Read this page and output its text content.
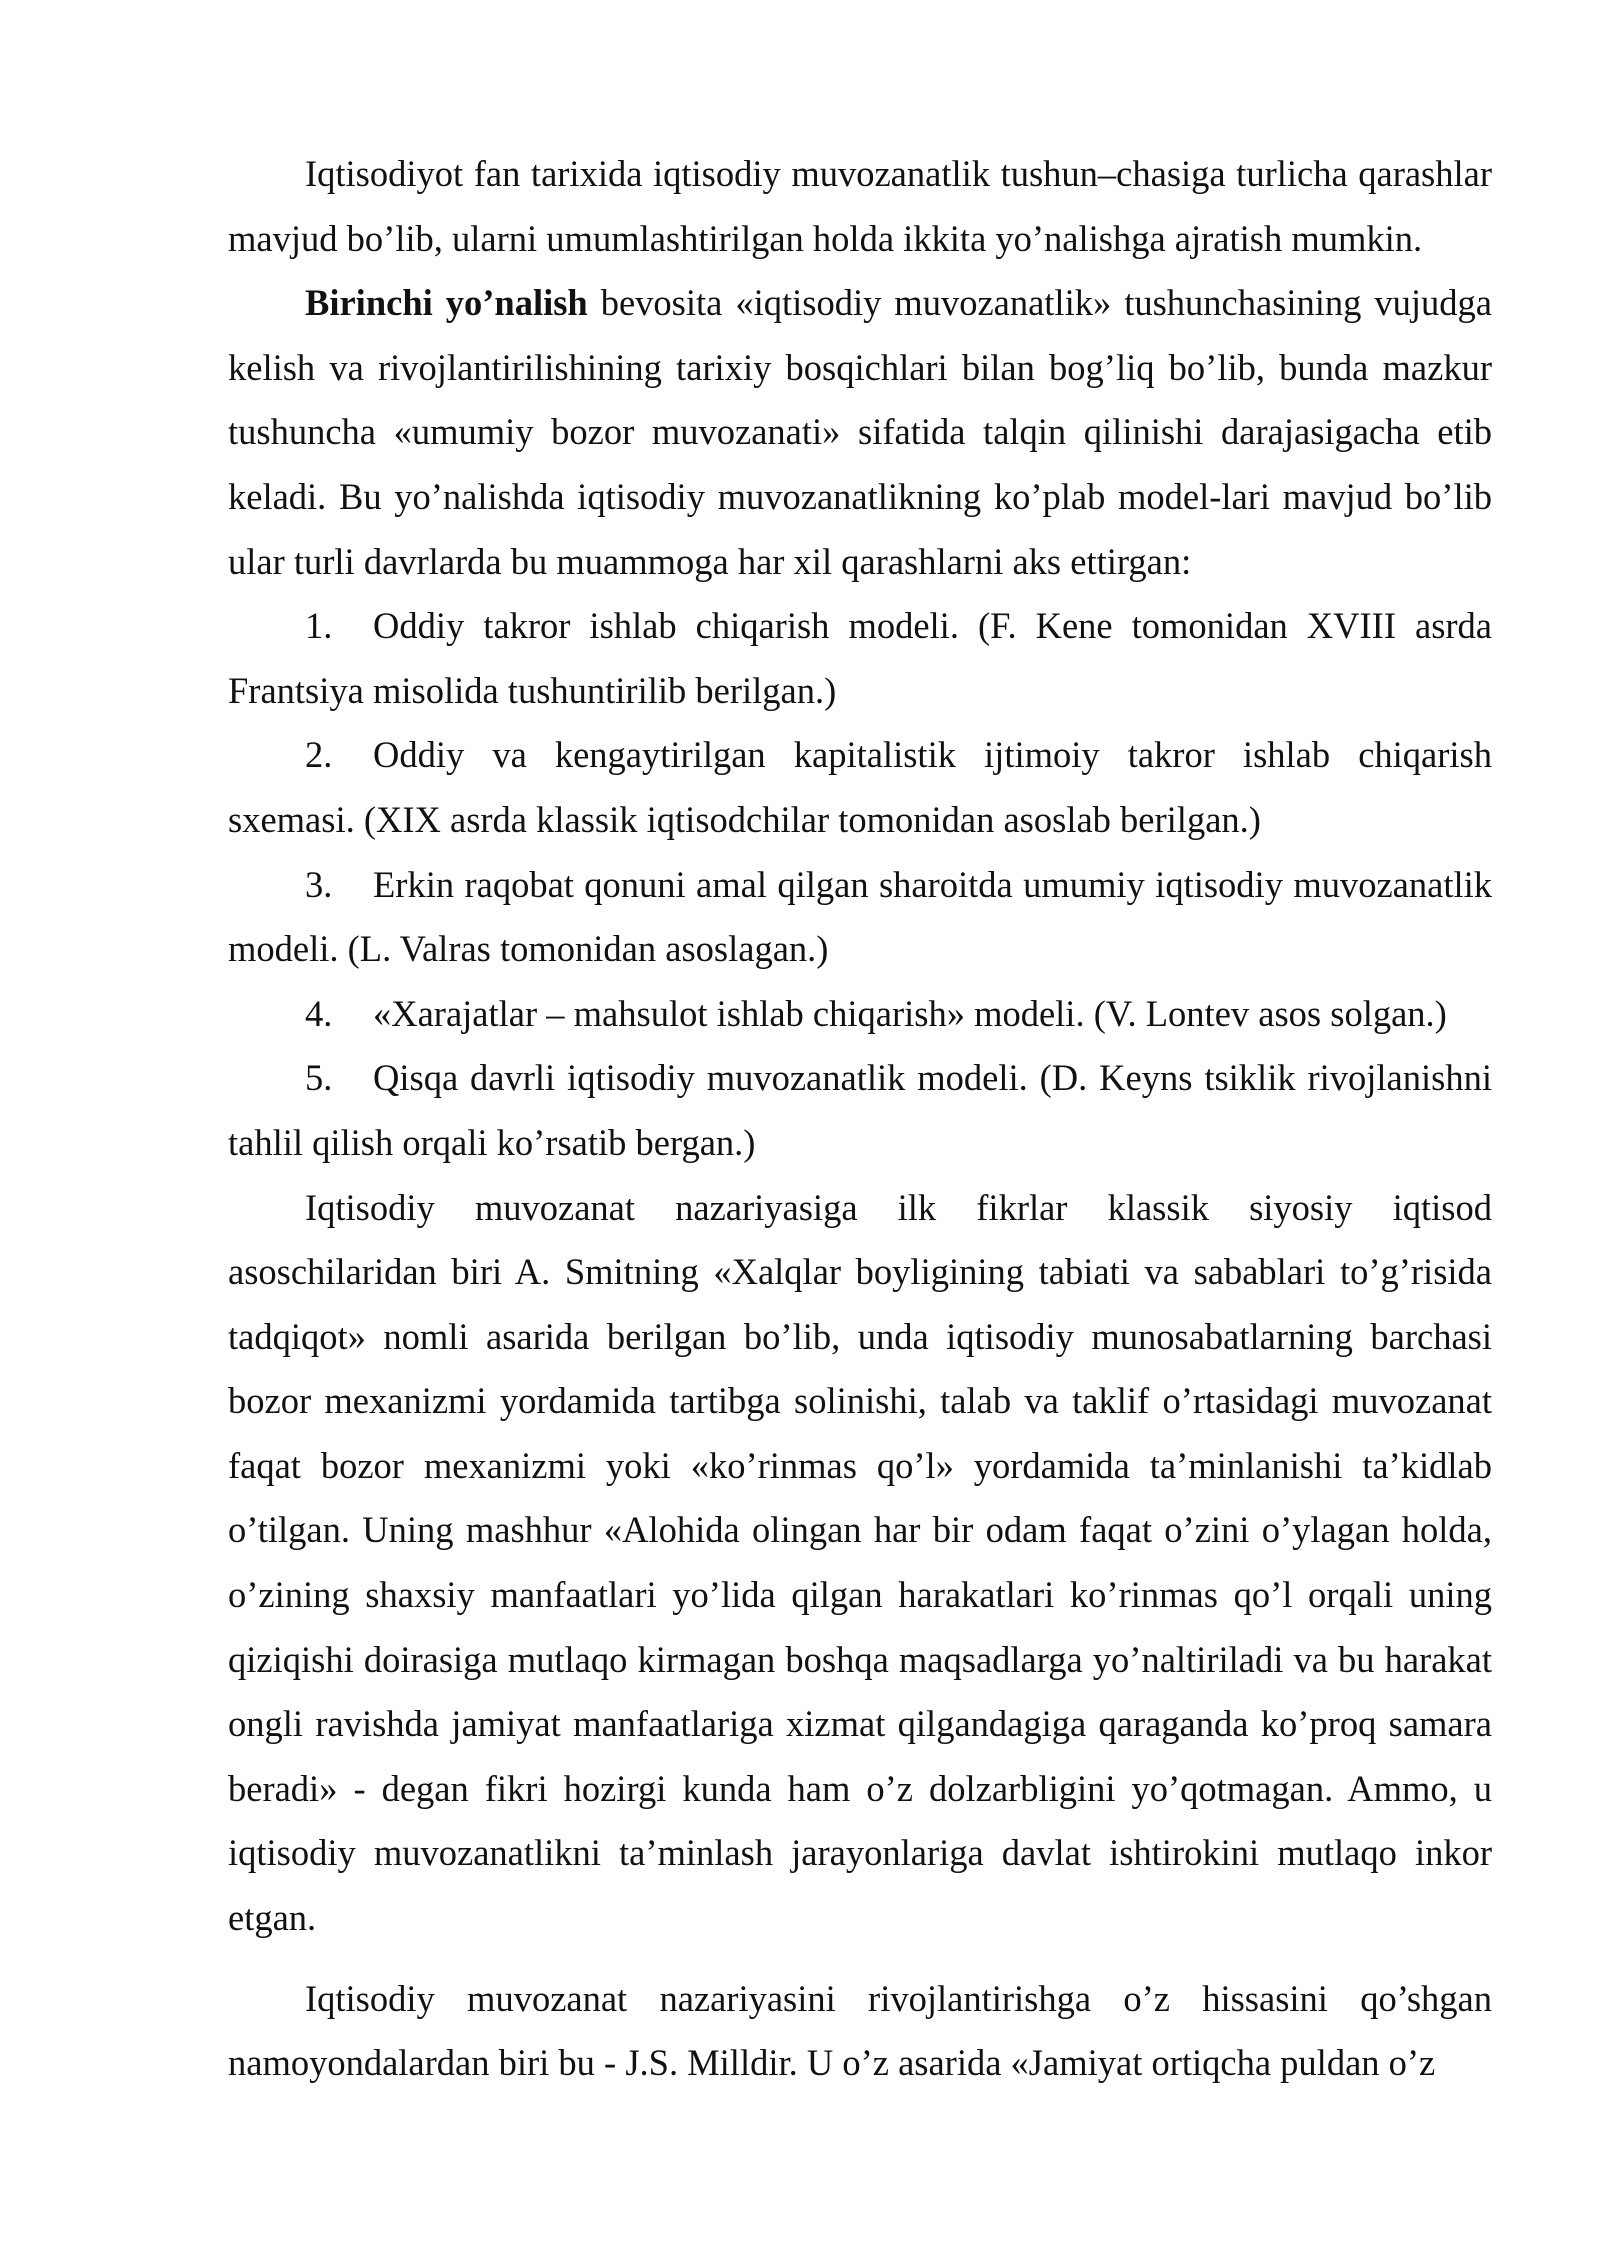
Iqtisodiyot fan tarixida iqtisodiy muvozanatlik tushun–chasiga turlicha qarashlar mavjud bo’lib, ularni umumlashtirilgan holda ikkita yo’nalishga ajratish mumkin.

Birinchi yo’nalish bevosita «iqtisodiy muvozanatlik» tushunchasining vujudga kelish va rivojlantirilishining tarixiy bosqichlari bilan bog’liq bo’lib, bunda mazkur tushuncha «umumiy bozor muvozanati» sifatida talqin qilinishi darajasigacha etib keladi. Bu yo’nalishda iqtisodiy muvozanatlikning ko’plab model-lari mavjud bo’lib ular turli davrlarda bu muammoga har xil qarashlarni aks ettirgan:

1. Oddiy takror ishlab chiqarish modeli. (F. Kene tomonidan XVIII asrda Frantsiya misolida tushuntirilib berilgan.)

2. Oddiy va kengaytirilgan kapitalistik ijtimoiy takror ishlab chiqarish sxemasi. (XIX asrda klassik iqtisodchilar tomonidan asoslab berilgan.)

3. Erkin raqobat qonuni amal qilgan sharoitda umumiy iqtisodiy muvozanatlik modeli. (L. Valras tomonidan asoslagan.)

4. «Xarajatlar – mahsulot ishlab chiqarish» modeli. (V. Lontev asos solgan.)

5. Qisqa davrli iqtisodiy muvozanatlik modeli. (D. Keyns tsiklik rivojlanishni tahlil qilish orqali ko’rsatib bergan.)

Iqtisodiy muvozanat nazariyasiga ilk fikrlar klassik siyosiy iqtisod asoschilaridan biri A. Smitning «Xalqlar boyligining tabiati va sabablari to’g’risida tadqiqot» nomli asarida berilgan bo’lib, unda iqtisodiy munosabatlarning barchasi bozor mexanizmi yordamida tartibga solinishi, talab va taklif o’rtasidagi muvozanat faqat bozor mexanizmi yoki «ko’rinmas qo’l» yordamida ta’minlanishi ta’kidlab o’tilgan. Uning mashhur «Alohida olingan har bir odam faqat o’zini o’ylagan holda, o’zining shaxsiy manfaatlari yo’lida qilgan harakatlari ko’rinmas qo’l orqali uning qiziqishi doirasiga mutlaqo kirmagan boshqa maqsadlarga yo’naltiriladi va bu harakat ongli ravishda jamiyat manfaatlariga xizmat qilgandagiga qaraganda ko’proq samara beradi» - degan fikri hozirgi kunda ham o’z dolzarbligini yo’qotmagan. Ammo, u iqtisodiy muvozanatlikni ta’minlash jarayonlariga davlat ishtirokini mutlaqo inkor etgan.

Iqtisodiy muvozanat nazariyasini rivojlantirishga o’z hissasini qo’shgan namoyondalardan biri bu - J.S. Milldir. U o’z asarida «Jamiyat ortiqcha puldan o’z
